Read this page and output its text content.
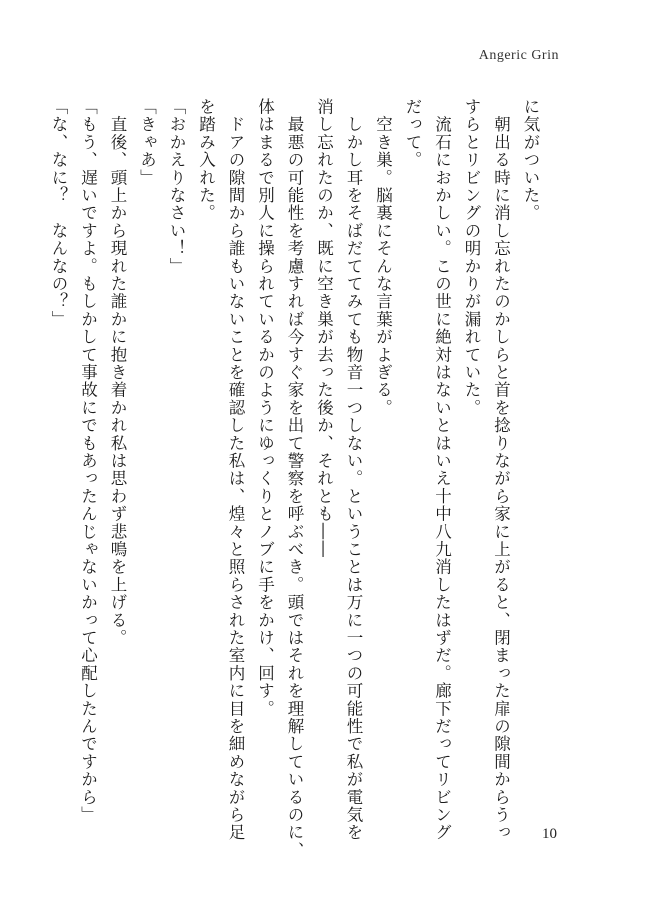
Angeric Grin

に気がついた。

　朝出る時に消し忘れたのかしらと首を捻りながら家に上がると、閉まった扉の隙間からうっ

すらとリビングの明かりが漏れていた。

　流石におかしい。この世に絶対はないとはいえ十中八九消したはずだ。廊下だってリビング

だって。

　空き巣。脳裏にそんな言葉がよぎる。

　しかし耳をそばだててみても物音一つしない。ということは万に一つの可能性で私が電気を

消し忘れたのか、既に空き巣が去った後か、それとも――

　最悪の可能性を考慮すれば今すぐ家を出て警察を呼ぶべき。頭ではそれを理解しているのに、

体はまるで別人に操られているかのようにゆっくりとノブに手をかけ、回す。

　ドアの隙間から誰もいないことを確認した私は、煌々と照らされた室内に目を細めながら足

を踏み入れた。

「おかえりなさい！」

「きゃあ」

　直後、頭上から現れた誰かに抱き着かれ私は思わず悲鳴を上げる。

「もう、遅いですよ。もしかして事故にでもあったんじゃないかって心配したんですから」

「な、なに？　なんなの？」

10
